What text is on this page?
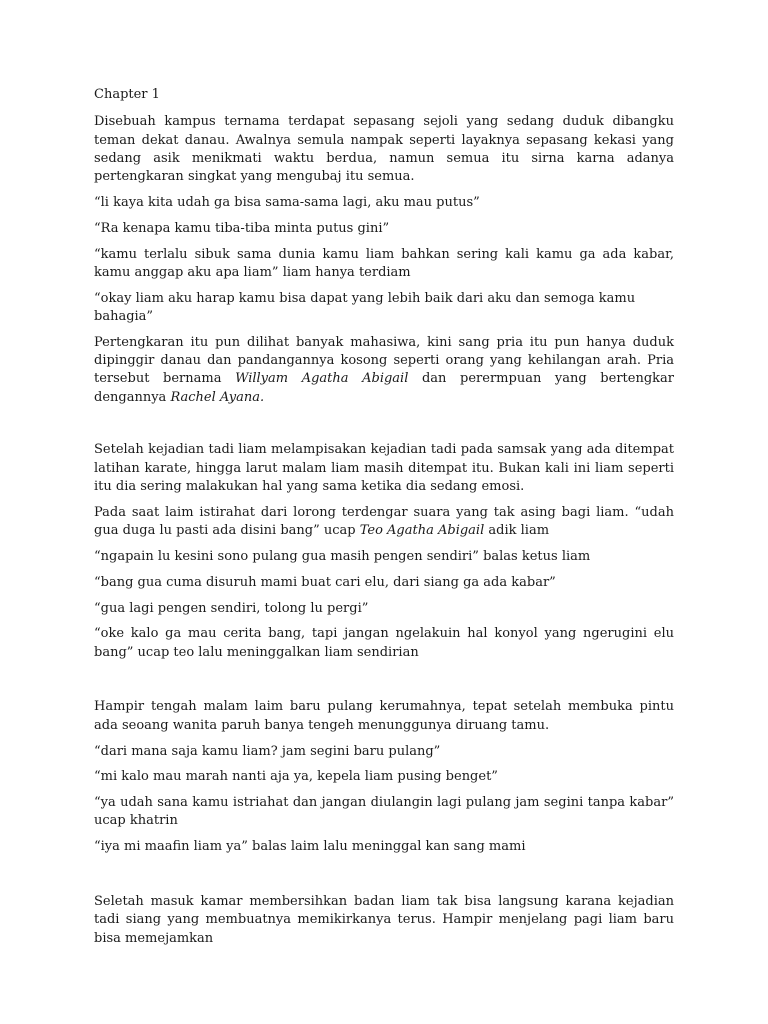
Chapter 1

Disebuah kampus ternama terdapat sepasang sejoli yang sedang duduk dibangku teman dekat danau. Awalnya semula nampak seperti layaknya sepasang kekasi yang sedang asik menikmati waktu berdua, namun semua itu sirna karna adanya pertengkaran singkat yang mengubaj itu semua.

“li kaya kita udah ga bisa sama-sama lagi, aku mau putus”

“Ra kenapa kamu tiba-tiba minta putus gini”

“kamu terlalu sibuk sama dunia kamu liam bahkan sering kali kamu ga ada kabar, kamu anggap aku apa liam” liam hanya terdiam

“okay liam aku harap kamu bisa dapat yang lebih baik dari aku dan semoga kamu bahagia”

Pertengkaran itu pun dilihat banyak mahasiwa, kini sang pria itu pun hanya duduk dipinggir danau dan pandangannya kosong seperti orang yang kehilangan arah. Pria tersebut bernama Willyam Agatha Abigail dan perermpuan yang bertengkar dengannya Rachel Ayana.

Setelah kejadian tadi liam melampisakan kejadian tadi pada samsak yang ada ditempat latihan karate, hingga larut malam liam masih ditempat itu. Bukan kali ini liam seperti itu dia sering malakukan hal yang sama ketika dia sedang emosi.

Pada saat laim istirahat dari lorong terdengar suara yang tak asing bagi liam. “udah gua duga lu pasti ada disini bang” ucap Teo Agatha Abigail adik liam

“ngapain lu kesini sono pulang gua masih pengen sendiri” balas ketus liam

“bang gua cuma disuruh mami buat cari elu, dari siang ga ada kabar”

“gua lagi pengen sendiri, tolong lu pergi”

“oke kalo ga mau cerita bang, tapi jangan ngelakuin hal konyol yang ngerugini elu bang” ucap teo lalu meninggalkan liam sendirian

Hampir tengah malam laim baru pulang kerumahnya, tepat setelah membuka pintu ada seoang wanita paruh banya tengeh menunggunya diruang tamu.

“dari mana saja kamu liam? jam segini baru pulang”

“mi kalo mau marah nanti aja ya, kepela liam pusing benget”

“ya udah sana kamu istriahat dan jangan diulangin lagi pulang jam segini tanpa kabar” ucap khatrin

“iya mi maafin liam ya” balas laim lalu meninggal kan sang mami

Seletah masuk kamar membersihkan badan liam tak bisa langsung karana kejadian tadi siang yang membuatnya memikirkanya terus. Hampir menjelang pagi liam baru bisa memejamkan
